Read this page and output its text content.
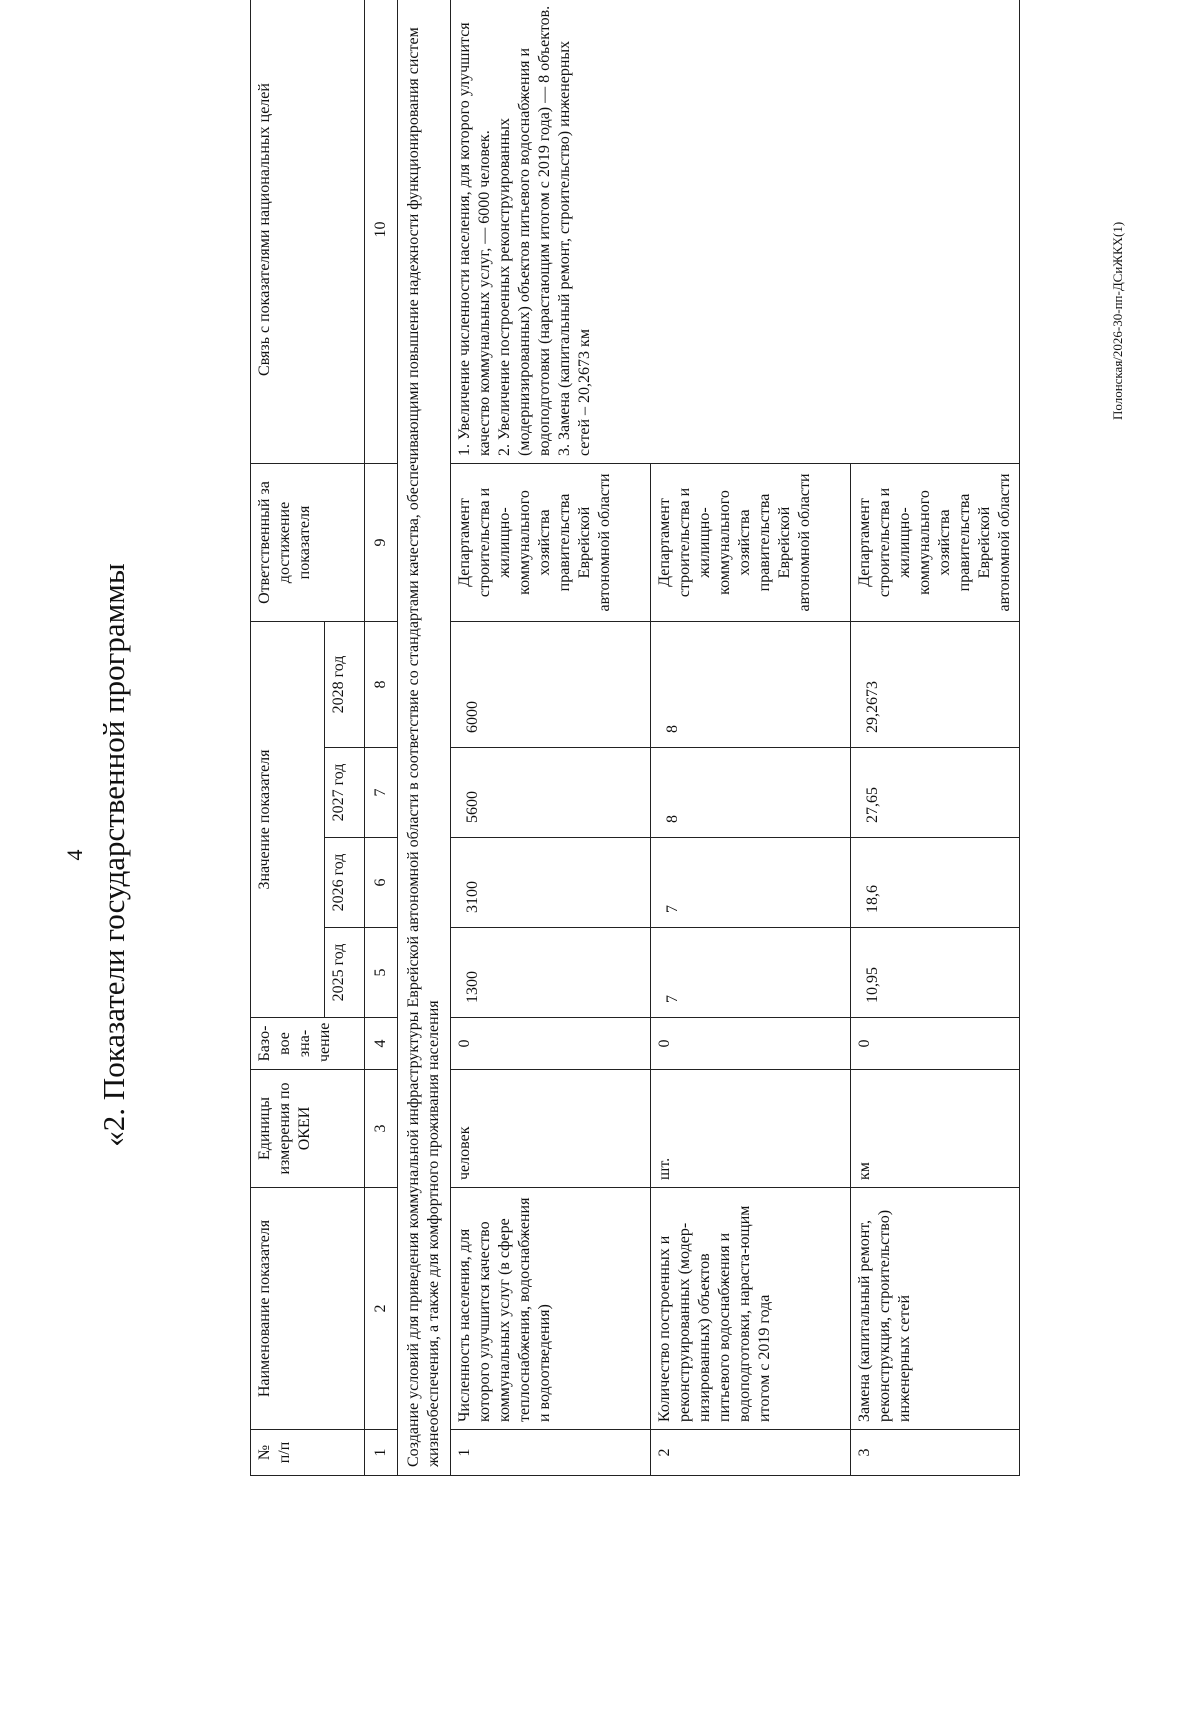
4 «2. Показатели государственной программы
№ п/п	Наименование показателя	Единицы измерения по ОКЕИ	Базо-вое зна-чение	Значение показателя				Ответственный за достижение показателя	Связь с показателями национальных целей
				2025 год	2026 год	2027 год	2028 год		
1	2	3	4	5	6	7	8	9	10
Создание условий для приведения коммунальной инфраструктуры Еврейской автономной области в соответствие со стандартами качества, обеспечивающими повышение надежности функционирования систем жизнеобеспечения, а также для комфортного проживания населения									
1	Численность населения, для которого улучшится качество коммунальных услуг (в сфере теплоснабжения, водоснабжения и водоотведения)	человек	0	1300	3100	5600	6000	Департамент строительства и жилищно-коммунального хозяйства правительства Еврейской автономной области	1. Увеличение численности населения, для которого улучшится качество коммунальных услуг, — 6000 человек. 2. Увеличение построенных реконструированных (модернизированных) объектов питьевого водоснабжения и водоподготовки (нарастающим итогом с 2019 года) — 8 объектов. 3. Замена (капитальный ремонт, строительство) инженерных сетей – 20,2673 км

2	Количество построенных и реконструированных (модер-низированных) объектов питьевого водоснабжения и водоподготовки, нараста-ющим итогом с 2019 года	шт.	0	7	7	8	8	Департамент строительства и жилищно-коммунального хозяйства правительства Еврейской автономной области	
3	Замена (капитальный ремонт, реконструкция, строительство) инженерных сетей	км	0	10,95	18,6	27,65	29,2673	Департамент строительства и жилищно-коммунального хозяйства правительства Еврейской автономной области	
Полонская/2026-30-пп-ДСиЖКХ(1)
